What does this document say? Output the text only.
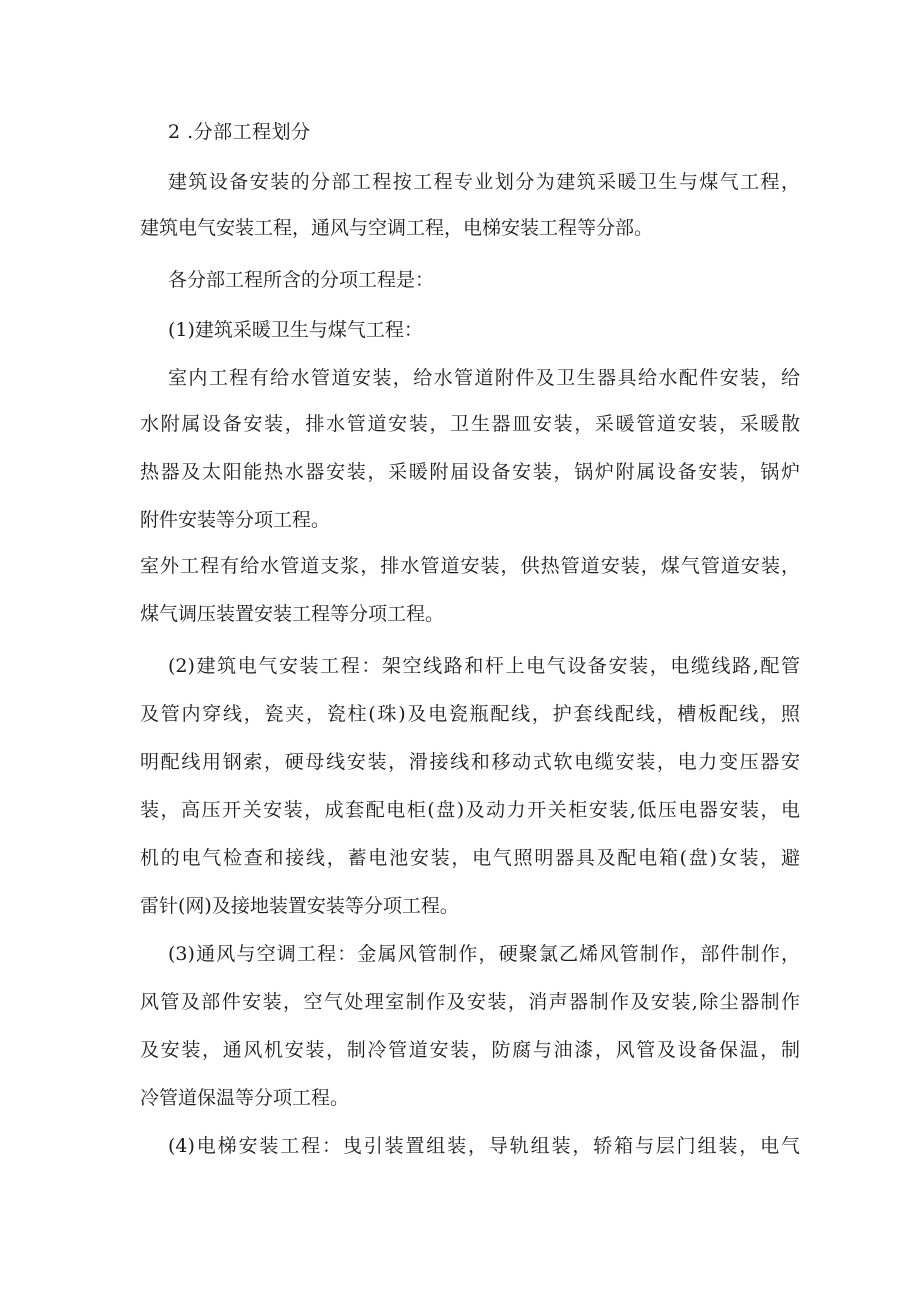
2 .分部工程划分
建筑设备安装的分部工程按工程专业划分为建筑采暖卫生与煤气工程，
建筑电气安装工程，通风与空调工程，电梯安装工程等分部。
各分部工程所含的分项工程是：
(1)建筑采暖卫生与煤气工程：
室内工程有给水管道安装，给水管道附件及卫生器具给水配件安装，给
水附属设备安装，排水管道安装，卫生器皿安装，采暖管道安装，采暖散
热器及太阳能热水器安装，采暖附届设备安装，锅炉附属设备安装，锅炉
附件安装等分项工程。
室外工程有给水管道支浆，排水管道安装，供热管道安装，煤气管道安装，
煤气调压装置安装工程等分项工程。
(2)建筑电气安装工程：架空线路和杆上电气设备安装，电缆线路,配管
及管内穿线，瓷夹，瓷柱(珠)及电瓷瓶配线，护套线配线，槽板配线，照
明配线用钢索，硬母线安装，滑接线和移动式软电缆安装，电力变压器安
装，高压开关安装，成套配电柜(盘)及动力开关柜安装,低压电器安装，电
机的电气检查和接线，蓄电池安装，电气照明器具及配电箱(盘)女装，避
雷针(网)及接地装置安装等分项工程。
(3)通风与空调工程：金属风管制作，硬聚氯乙烯风管制作，部件制作，
风管及部件安装，空气处理室制作及安装，消声器制作及安装,除尘器制作
及安装，通风机安装，制冷管道安装，防腐与油漆，风管及设备保温，制
冷管道保温等分项工程。
(4)电梯安装工程：曳引装置组装，导轨组装，轿箱与层门组装，电气
